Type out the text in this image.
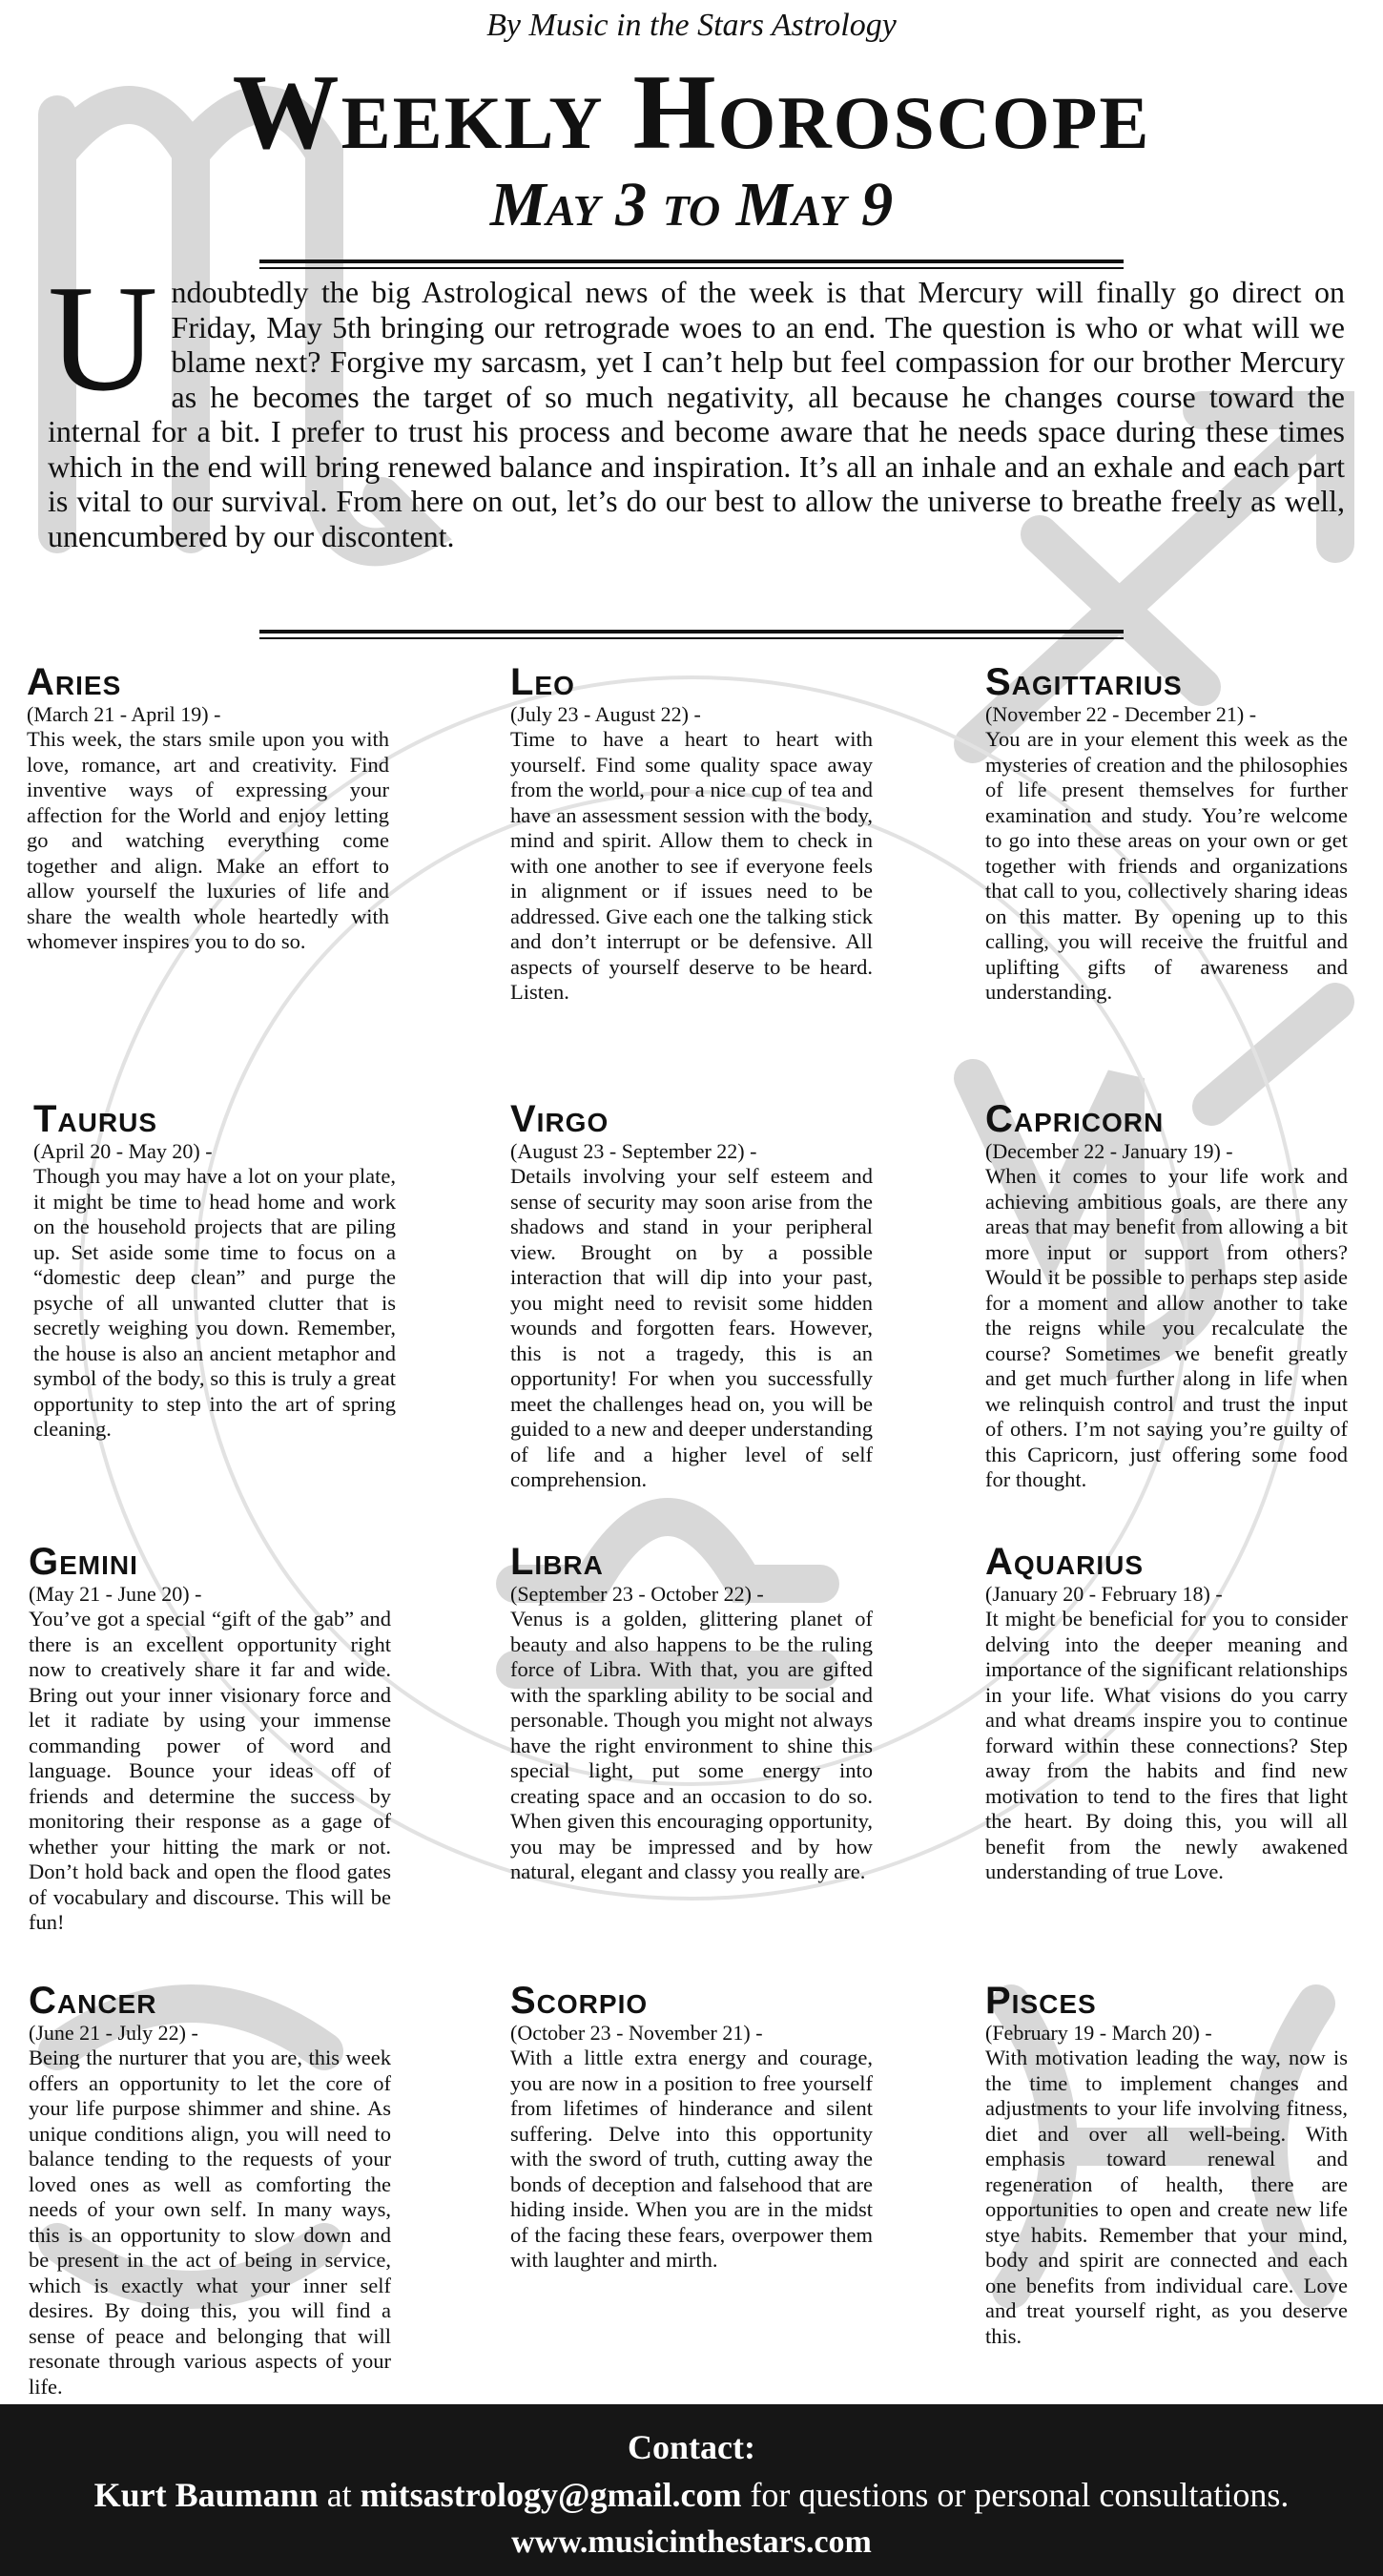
By Music in the Stars Astrology
Weekly Horoscope
May 3 to May 9
Undoubtedly the big Astrological news of the week is that Mercury will finally go direct on Friday, May 5th bringing our retrograde woes to an end. The question is who or what will we blame next? Forgive my sarcasm, yet I can’t help but feel compassion for our brother Mercury as he becomes the target of so much negativity, all because he changes course toward the internal for a bit. I prefer to trust his process and become aware that he needs space during these times which in the end will bring renewed balance and inspiration. It’s all an inhale and an exhale and each part is vital to our survival. From here on out, let’s do our best to allow the universe to breathe freely as well, unencumbered by our discontent.
Aries
(March 21 - April 19) -
This week, the stars smile upon you with love, romance, art and creativity. Find inventive ways of expressing your affection for the World and enjoy letting go and watching everything come together and align. Make an effort to allow yourself the luxuries of life and share the wealth whole heartedly with whomever inspires you to do so.
Leo
(July 23 - August 22) -
Time to have a heart to heart with yourself. Find some quality space away from the world, pour a nice cup of tea and have an assessment session with the body, mind and spirit. Allow them to check in with one another to see if everyone feels in alignment or if issues need to be addressed. Give each one the talking stick and don’t interrupt or be defensive. All aspects of yourself deserve to be heard. Listen.
Sagittarius
(November 22 - December 21) -
You are in your element this week as the mysteries of creation and the philosophies of life present themselves for further examination and study. You’re welcome to go into these areas on your own or get together with friends and organizations that call to you, collectively sharing ideas on this matter. By opening up to this calling, you will receive the fruitful and uplifting gifts of awareness and understanding.
Taurus
(April 20 - May 20) -
Though you may have a lot on your plate, it might be time to head home and work on the household projects that are piling up. Set aside some time to focus on a “domestic deep clean” and purge the psyche of all unwanted clutter that is secretly weighing you down. Remember, the house is also an ancient metaphor and symbol of the body, so this is truly a great opportunity to step into the art of spring cleaning.
Virgo
(August 23 - September 22) -
Details involving your self esteem and sense of security may soon arise from the shadows and stand in your peripheral view. Brought on by a possible interaction that will dip into your past, you might need to revisit some hidden wounds and forgotten fears. However, this is not a tragedy, this is an opportunity! For when you successfully meet the challenges head on, you will be guided to a new and deeper understanding of life and a higher level of self comprehension.
Capricorn
(December 22 - January 19) -
When it comes to your life work and achieving ambitious goals, are there any areas that may benefit from allowing a bit more input or support from others? Would it be possible to perhaps step aside for a moment and allow another to take the reigns while you recalculate the course? Sometimes we benefit greatly and get much further along in life when we relinquish control and trust the input of others. I’m not saying you’re guilty of this Capricorn, just offering some food for thought.
Gemini
(May 21 - June 20) -
You’ve got a special “gift of the gab” and there is an excellent opportunity right now to creatively share it far and wide. Bring out your inner visionary force and let it radiate by using your immense commanding power of word and language. Bounce your ideas off of friends and determine the success by monitoring their response as a gage of whether your hitting the mark or not. Don’t hold back and open the flood gates of vocabulary and discourse. This will be fun!
Libra
(September 23 - October 22) -
Venus is a golden, glittering planet of beauty and also happens to be the ruling force of Libra. With that, you are gifted with the sparkling ability to be social and personable. Though you might not always have the right environment to shine this special light, put some energy into creating space and an occasion to do so. When given this encouraging opportunity, you may be impressed and by how natural, elegant and classy you really are.
Aquarius
(January 20 - February 18) -
It might be beneficial for you to consider delving into the deeper meaning and importance of the significant relationships in your life. What visions do you carry and what dreams inspire you to continue forward within these connections? Step away from the habits and find new motivation to tend to the fires that light the heart. By doing this, you will all benefit from the newly awakened understanding of true Love.
Cancer
(June 21 - July 22) -
Being the nurturer that you are, this week offers an opportunity to let the core of your life purpose shimmer and shine. As unique conditions align, you will need to balance tending to the requests of your loved ones as well as comforting the needs of your own self. In many ways, this is an opportunity to slow down and be present in the act of being in service, which is exactly what your inner self desires. By doing this, you will find a sense of peace and belonging that will resonate through various aspects of your life.
Scorpio
(October 23 - November 21) -
With a little extra energy and courage, you are now in a position to free yourself from lifetimes of hinderance and silent suffering. Delve into this opportunity with the sword of truth, cutting away the bonds of deception and falsehood that are hiding inside. When you are in the midst of the facing these fears, overpower them with laughter and mirth.
Pisces
(February 19 - March 20) -
With motivation leading the way, now is the time to implement changes and adjustments to your life involving fitness, diet and over all well-being. With emphasis toward renewal and regeneration of health, there are opportunities to open and create new life stye habits. Remember that your mind, body and spirit are connected and each one benefits from individual care. Love and treat yourself right, as you deserve this.
Contact:
Kurt Baumann at mitsastrology@gmail.com for questions or personal consultations.
www.musicinthestars.com
